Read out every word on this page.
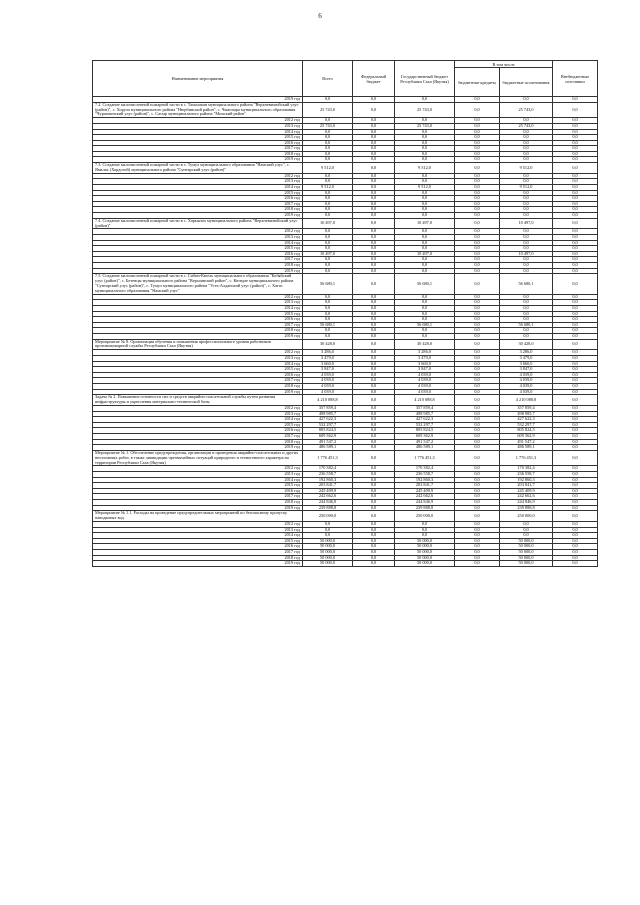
6
Наименование мероприятия	Всего	Федеральный бюджет	Государственный бюджет Республики Саха (Якутия)	В том числе		Внебюджетные источники
				бюджетные кредиты	бюджетные ассигнования	
2019 год	0,0	0,0	0,0	0,0	0,0	0,0
7.2. Создание малочисленной пожарной части в с. Тамалакан муниципального района "Верхневилюйский улус (район)", с. Хорула муниципального района "Нюрбинский район", с. Чыаппара муниципального образования "Чурапчинский улус (район)", с. Сасыр муниципального района "Момский район"	25 743,0	0,0	25 743,0	0,0	25 743,0	0,0
2012 год	0,0	0,0	0,0	0,0	0,0	0,0
2013 год	25 743,0	0,0	25 743,0	0,0	25 743,0	0,0
2014 год	0,0	0,0	0,0	0,0	0,0	0,0
2015 год	0,0	0,0	0,0	0,0	0,0	0,0
2016 год	0,0	0,0	0,0	0,0	0,0	0,0
2017 год	0,0	0,0	0,0	0,0	0,0	0,0
2018 год	0,0	0,0	0,0	0,0	0,0	0,0
2019 год	0,0	0,0	0,0	0,0	0,0	0,0
7.3. Создание малочисленной пожарной части в с. Тумул муниципального образования "Намский улус", с. Ямалах (Хордогой) муниципального района "Сунтарский улус (район)"	9 512,0	0,0	9 512,0	0,0	9 512,0	0,0
2012 год	0,0	0,0	0,0	0,0	0,0	0,0
2013 год	0,0	0,0	0,0	0,0	0,0	0,0
2014 год	9 512,0	0,0	9 512,0	0,0	9 512,0	0,0
2015 год	0,0	0,0	0,0	0,0	0,0	0,0
2016 год	0,0	0,0	0,0	0,0	0,0	0,0
2017 год	0,0	0,0	0,0	0,0	0,0	0,0
2018 год	0,0	0,0	0,0	0,0	0,0	0,0
2019 год	0,0	0,0	0,0	0,0	0,0	0,0
7.4. Создание малочисленной пожарной части в с. Харыялах муниципального района "Верхневилюйский улус (район)"	10 497,0	0,0	10 497,0	0,0	10 497,0	0,0
2012 год	0,0	0,0	0,0	0,0	0,0	0,0
2013 год	0,0	0,0	0,0	0,0	0,0	0,0
2014 год	0,0	0,0	0,0	0,0	0,0	0,0
2015 год	0,0	0,0	0,0	0,0	0,0	0,0
2016 год	10 497,0	0,0	10 497,0	0,0	10 497,0	0,0
2017 год	0,0	0,0	0,0	0,0	0,0	0,0
2018 год	0,0	0,0	0,0	0,0	0,0	0,0
2019 год	0,0	0,0	0,0	0,0	0,0	0,0
7.5. Создание малочисленной пожарной части в с. Сибин-Кюель муниципального образования "Кобяйский улус (район)", с. Бетенцы муниципального района "Верхоянский район", с. Кюндае муниципального района "Сунтарский улус (район)", с. Тумул муниципального района "Усть-Алданский улус (район)", с. Хатас муниципального образования "Намский улус"	56 680,1	0,0	56 680,1	0,0	56 680,1	0,0
2012 год	0,0	0,0	0,0	0,0	0,0	0,0
2013 год	0,0	0,0	0,0	0,0	0,0	0,0
2014 год	0,0	0,0	0,0	0,0	0,0	0,0
2015 год	0,0	0,0	0,0	0,0	0,0	0,0
2016 год	0,0	0,0	0,0	0,0	0,0	0,0
2017 год	56 680,1	0,0	56 680,1	0,0	56 680,1	0,0
2018 год	0,0	0,0	0,0	0,0	0,0	0,0
2019 год	0,0	0,0	0,0	0,0	0,0	0,0
Мероприятие № 8. Организация обучения и повышения профессионального уровня работников противопожарной службы Республики Саха (Якутия)	30 428,0	0,0	30 428,0	0,0	30 428,0	0,0
2012 год	3 286,0	0,0	3 286,0	0,0	3 286,0	0,0
2013 год	3 479,0	0,0	3 479,0	0,0	3 479,0	0,0
2014 год	3 660,0	0,0	3 660,0	0,0	3 660,0	0,0
2015 год	3 847,0	0,0	3 847,0	0,0	3 847,0	0,0
2016 год	4 039,0	0,0	4 039,0	0,0	4 039,0	0,0
2017 год	4 039,0	0,0	4 039,0	0,0	4 039,0	0,0
2018 год	4 039,0	0,0	4 039,0	0,0	4 039,0	0,0
2019 год	4 039,0	0,0	4 039,0	0,0	4 039,0	0,0
Задача № 2. Повышение готовности сил и средств аварийно-спасательной службы путем развития инфраструктуры и укрепления материально-технической базы	4 210 088,8	0,0	4 210 088,8	0,0	4 210 088,8	0,0
2012 год	357 859,4	0,0	357 859,4	0,0	357 859,4	0,0
2013 год	498 985,7	0,0	498 985,7	0,0	498 985,7	0,0
2014 год	427 622,3	0,0	427 622,3	0,0	427 622,3	0,0
2015 год	532 297,7	0,0	532 297,7	0,0	532 297,7	0,0
2016 год	805 824,5	0,0	805 824,5	0,0	805 824,5	0,0
2017 год	609 362,9	0,0	609 362,9	0,0	609 362,9	0,0
2018 год	491 547,2	0,0	491 547,2	0,0	491 547,2	0,0
2019 год	486 589,1	0,0	486 589,1	0,0	486 589,1	0,0
Мероприятие № 1. Обеспечение предупреждения, организации и проведения аварийно-спасательных и других неотложных работ, в также ликвидации чрезвычайных ситуаций природного и техногенного характера на территории Республики Саха (Якутия)	1 776 451,3	0,0	1 776 451,3	0,0	1 776 451,3	0,0
2012 год	170 382,4	0,0	170 382,4	0,0	170 382,4	0,0
2013 год	236 558,7	0,0	236 558,7	0,0	236 558,7	0,0
2014 год	192 860,3	0,0	192 860,3	0,0	192 860,3	0,0
2015 год	203 841,7	0,0	203 841,7	0,0	203 841,7	0,0
2016 год	245 409,9	0,0	245 409,9	0,0	245 409,9	0,0
2017 год	242 662,6	0,0	242 662,6	0,0	242 662,6	0,0
2018 год	244 846,9	0,0	244 846,9	0,0	244 846,9	0,0
2019 год	239 888,8	0,0	239 888,8	0,0	239 888,8	0,0
Мероприятие № 1.1. Расходы на проведение предупредительных мероприятий по безопасному пропуску паводковых вод	250 000,0	0,0	250 000,0	0,0	250 000,0	0,0
2012 год	0,0	0,0	0,0	0,0	0,0	0,0
2013 год	0,0	0,0	0,0	0,0	0,0	0,0
2014 год	0,0	0,0	0,0	0,0	0,0	0,0
2015 год	50 000,0	0,0	50 000,0	0,0	50 000,0	0,0
2016 год	50 000,0	0,0	50 000,0	0,0	50 000,0	0,0
2017 год	50 000,0	0,0	50 000,0	0,0	50 000,0	0,0
2018 год	50 000,0	0,0	50 000,0	0,0	50 000,0	0,0
2019 год	50 000,0	0,0	50 000,0	0,0	50 000,0	0,0
